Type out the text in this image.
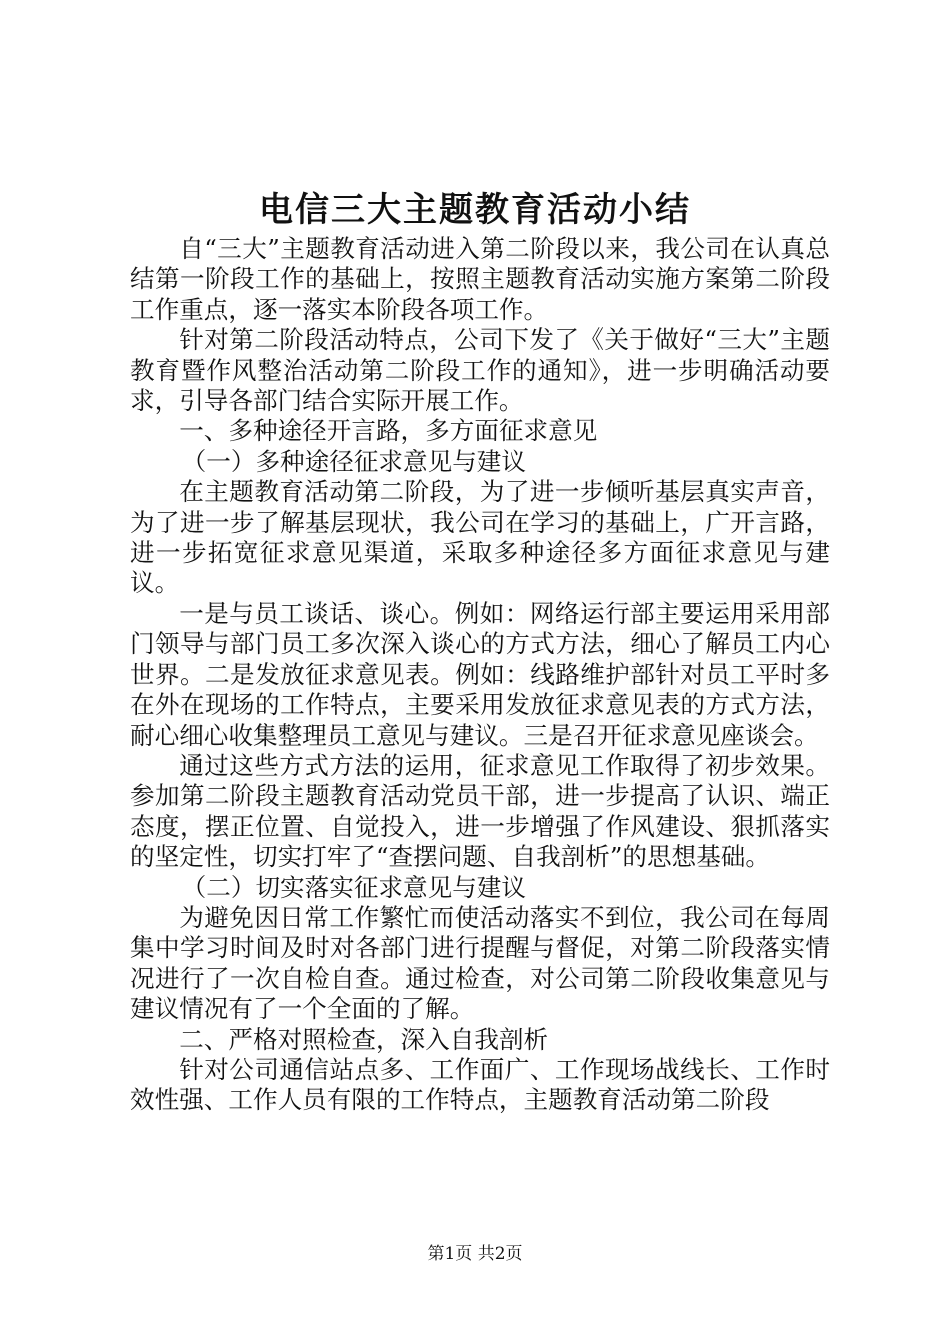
电信三大主题教育活动小结

自“三大”主题教育活动进入第二阶段以来，我公司在认真总结第一阶段工作的基础上，按照主题教育活动实施方案第二阶段工作重点，逐一落实本阶段各项工作。

针对第二阶段活动特点，公司下发了《关于做好“三大”主题教育暨作风整治活动第二阶段工作的通知》，进一步明确活动要求，引导各部门结合实际开展工作。

一、多种途径开言路，多方面征求意见

（一）多种途径征求意见与建议

在主题教育活动第二阶段，为了进一步倾听基层真实声音，为了进一步了解基层现状，我公司在学习的基础上，广开言路，进一步拓宽征求意见渠道，采取多种途径多方面征求意见与建议。

一是与员工谈话、谈心。例如：网络运行部主要运用采用部门领导与部门员工多次深入谈心的方式方法，细心了解员工内心世界。二是发放征求意见表。例如：线路维护部针对员工平时多在外在现场的工作特点，主要采用发放征求意见表的方式方法，耐心细心收集整理员工意见与建议。三是召开征求意见座谈会。

通过这些方式方法的运用，征求意见工作取得了初步效果。参加第二阶段主题教育活动党员干部，进一步提高了认识、端正态度，摆正位置、自觉投入，进一步增强了作风建设、狠抓落实的坚定性，切实打牢了“查摆问题、自我剖析”的思想基础。

（二）切实落实征求意见与建议

为避免因日常工作繁忙而使活动落实不到位，我公司在每周集中学习时间及时对各部门进行提醒与督促，对第二阶段落实情况进行了一次自检自查。通过检查，对公司第二阶段收集意见与建议情况有了一个全面的了解。

二、严格对照检查，深入自我剖析

针对公司通信站点多、工作面广、工作现场战线长、工作时效性强、工作人员有限的工作特点，主题教育活动第二阶段

第1页 共2页
